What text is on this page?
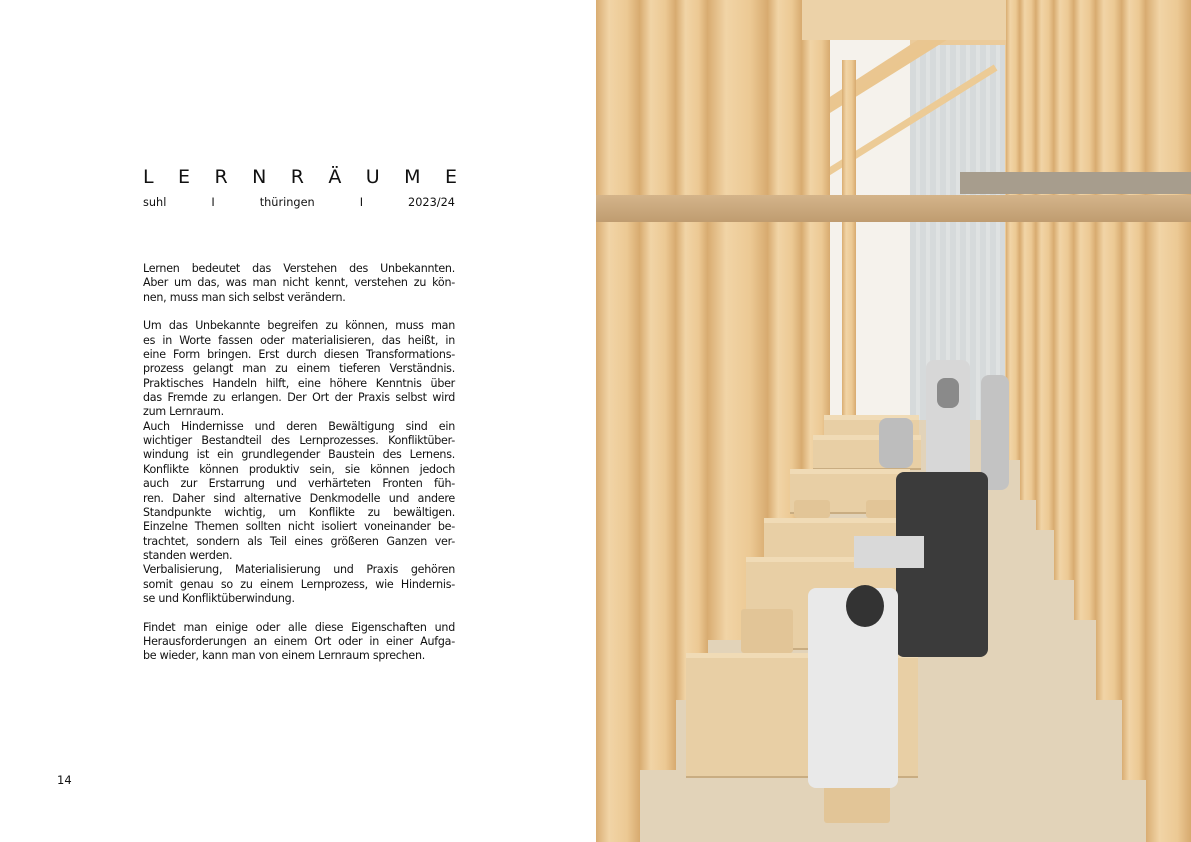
L E R N R Ä U M E
suhl	I	thüringen	I	2023/24
Lernen bedeutet das Verstehen des Unbekannten.
Aber um das, was man nicht kennt, verstehen zu kön-
nen, muss man sich selbst verändern.
Um das Unbekannte begreifen zu können, muss man
es in Worte fassen oder materialisieren, das heißt, in
eine Form bringen. Erst durch diesen Transformations-
prozess gelangt man zu einem tieferen Verständnis.
Praktisches Handeln hilft, eine höhere Kenntnis über
das Fremde zu erlangen. Der Ort der Praxis selbst wird
zum Lernraum.
Auch Hindernisse und deren Bewältigung sind ein
wichtiger Bestandteil des Lernprozesses. Konfliktüber-
windung ist ein grundlegender Baustein des Lernens.
Konflikte können produktiv sein, sie können jedoch
auch zur Erstarrung und verhärteten Fronten füh-
ren. Daher sind alternative Denkmodelle und andere
Standpunkte wichtig, um Konflikte zu bewältigen.
Einzelne Themen sollten nicht isoliert voneinander be-
trachtet, sondern als Teil eines größeren Ganzen ver-
standen werden.
Verbalisierung, Materialisierung und Praxis gehören
somit genau so zu einem Lernprozess, wie Hindernis-
se und Konfliktüberwindung.
Findet man einige oder alle diese Eigenschaften und
Herausforderungen an einem Ort oder in einer Aufga-
be wieder, kann man von einem Lernraum sprechen.
14
